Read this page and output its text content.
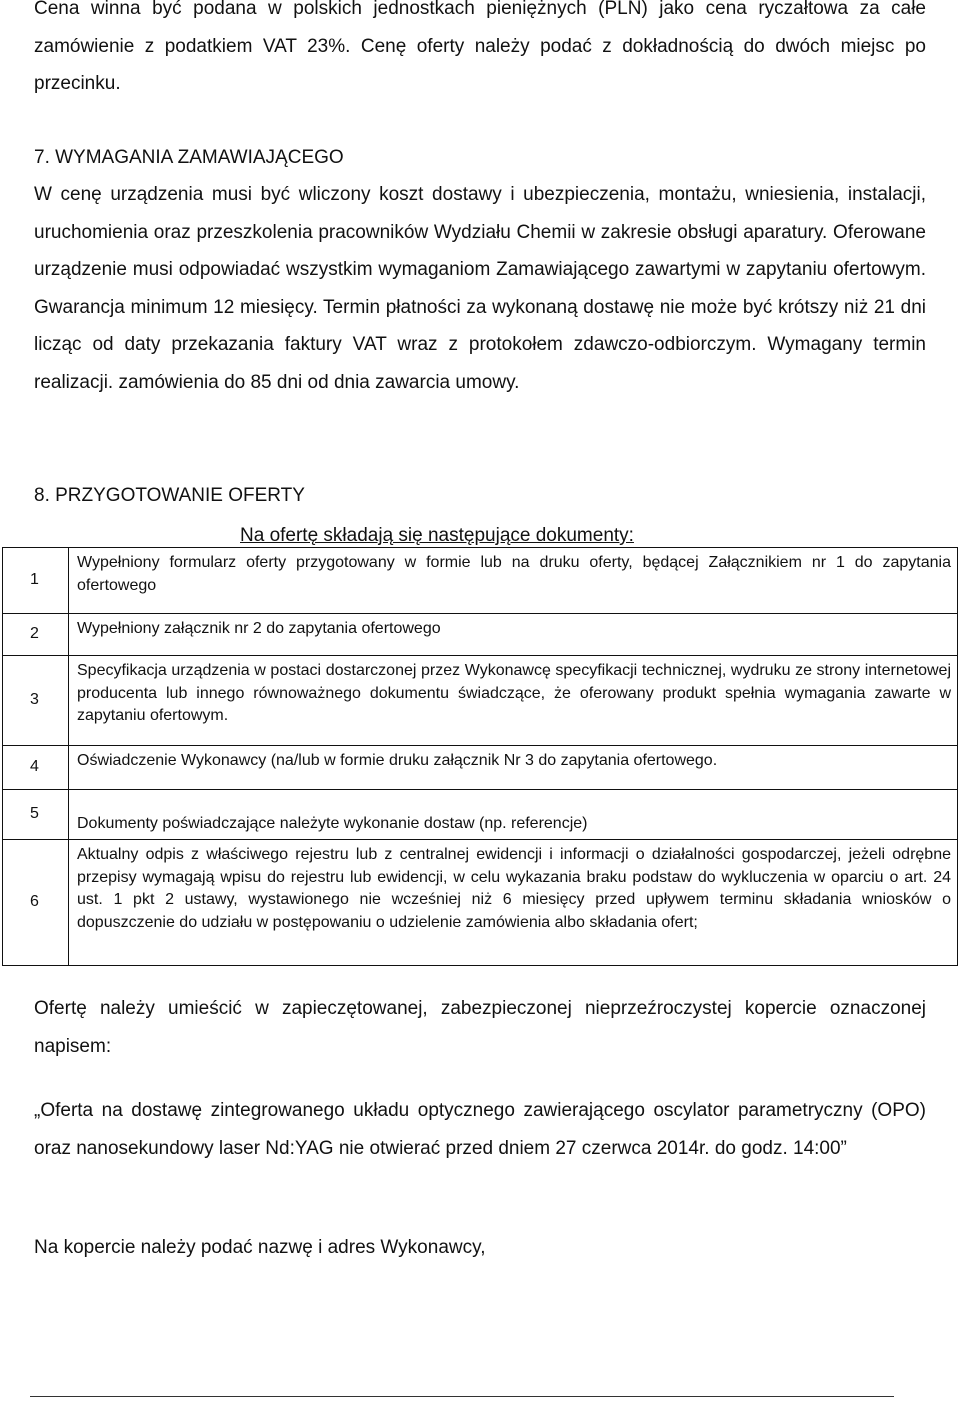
Cena winna być podana w polskich jednostkach pieniężnych (PLN) jako cena ryczałtowa za całe zamówienie z podatkiem VAT 23%. Cenę oferty należy podać z dokładnością do dwóch miejsc po przecinku.

7. WYMAGANIA ZAMAWIAJĄCEGO

W cenę urządzenia musi być wliczony koszt dostawy i ubezpieczenia, montażu, wniesienia, instalacji, uruchomienia oraz przeszkolenia pracowników Wydziału Chemii w zakresie obsługi aparatury. Oferowane urządzenie musi odpowiadać wszystkim wymaganiom Zamawiającego zawartymi w zapytaniu ofertowym. Gwarancja minimum 12 miesięcy. Termin płatności za wykonaną dostawę nie może być krótszy niż 21 dni licząc od daty przekazania faktury VAT wraz z protokołem zdawczo-odbiorczym. Wymagany termin realizacji. zamówienia do 85 dni od dnia zawarcia umowy.

8. PRZYGOTOWANIE OFERTY

Na ofertę składają się następujące dokumenty:

1	Wypełniony formularz oferty przygotowany w formie lub na druku oferty, będącej Załącznikiem nr 1 do zapytania ofertowego
2	Wypełniony załącznik nr 2 do zapytania ofertowego
3	Specyfikacja urządzenia w postaci dostarczonej przez Wykonawcę specyfikacji technicznej, wydruku ze strony internetowej producenta lub innego równoważnego dokumentu świadczące, że oferowany produkt spełnia wymagania zawarte w zapytaniu ofertowym.
4	Oświadczenie Wykonawcy (na/lub w formie druku załącznik Nr 3 do zapytania ofertowego.
5	Dokumenty poświadczające należyte wykonanie dostaw (np. referencje)
6	Aktualny odpis z właściwego rejestru lub z centralnej ewidencji i informacji o działalności gospodarczej, jeżeli odrębne przepisy wymagają wpisu do rejestru lub ewidencji, w celu wykazania braku podstaw do wykluczenia w oparciu o art. 24 ust. 1 pkt 2 ustawy, wystawionego nie wcześniej niż 6 miesięcy przed upływem terminu składania wniosków o dopuszczenie do udziału w postępowaniu o udzielenie zamówienia albo składania ofert;

Ofertę należy umieścić w zapieczętowanej, zabezpieczonej nieprzeźroczystej kopercie oznaczonej napisem:

„Oferta na dostawę zintegrowanego układu optycznego zawierającego oscylator parametryczny (OPO) oraz nanosekundowy laser Nd:YAG nie otwierać przed dniem 27 czerwca 2014r. do godz. 14:00”

Na kopercie należy podać nazwę i adres Wykonawcy,
